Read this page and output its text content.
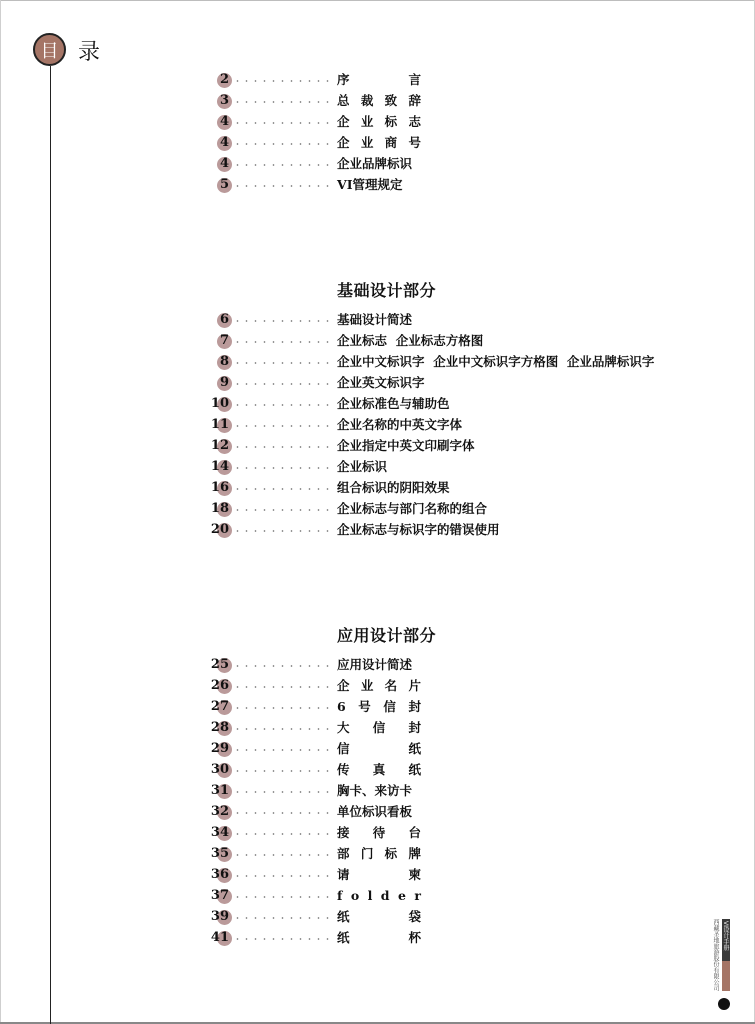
目 录
2	序	言
3	总 裁 致 辞
4	企 业 标 志
4	企 业 商 号
4	企业品牌标识
5	VI管理规定
基础设计部分
6	基础设计简述
7	企业标志  企业标志方格图
8	企业中文标识字  企业中文标识字方格图  企业品牌标识字
9	企业英文标识字
10	企业标准色与辅助色
11	企业名称的中英文字体
12	企业指定中英文印刷字体
14	企业标识
16	组合标识的阴阳效果
18	企业标志与部门名称的组合
20	企业标志与标识字的错误使用
应用设计部分
25	应用设计简述
26	企 业 名 片
27	6 号 信 封
28	大 信 封
29	信	纸
30	传 真 纸
31	胸卡、来访卡
32	单位标识看板
34	接 待 台
35	部 门 标 牌
36	请	柬
37	f o l d e r
39	纸	袋
41	纸	杯	西藏圣地旅游股份有限公司 VI设计手册
